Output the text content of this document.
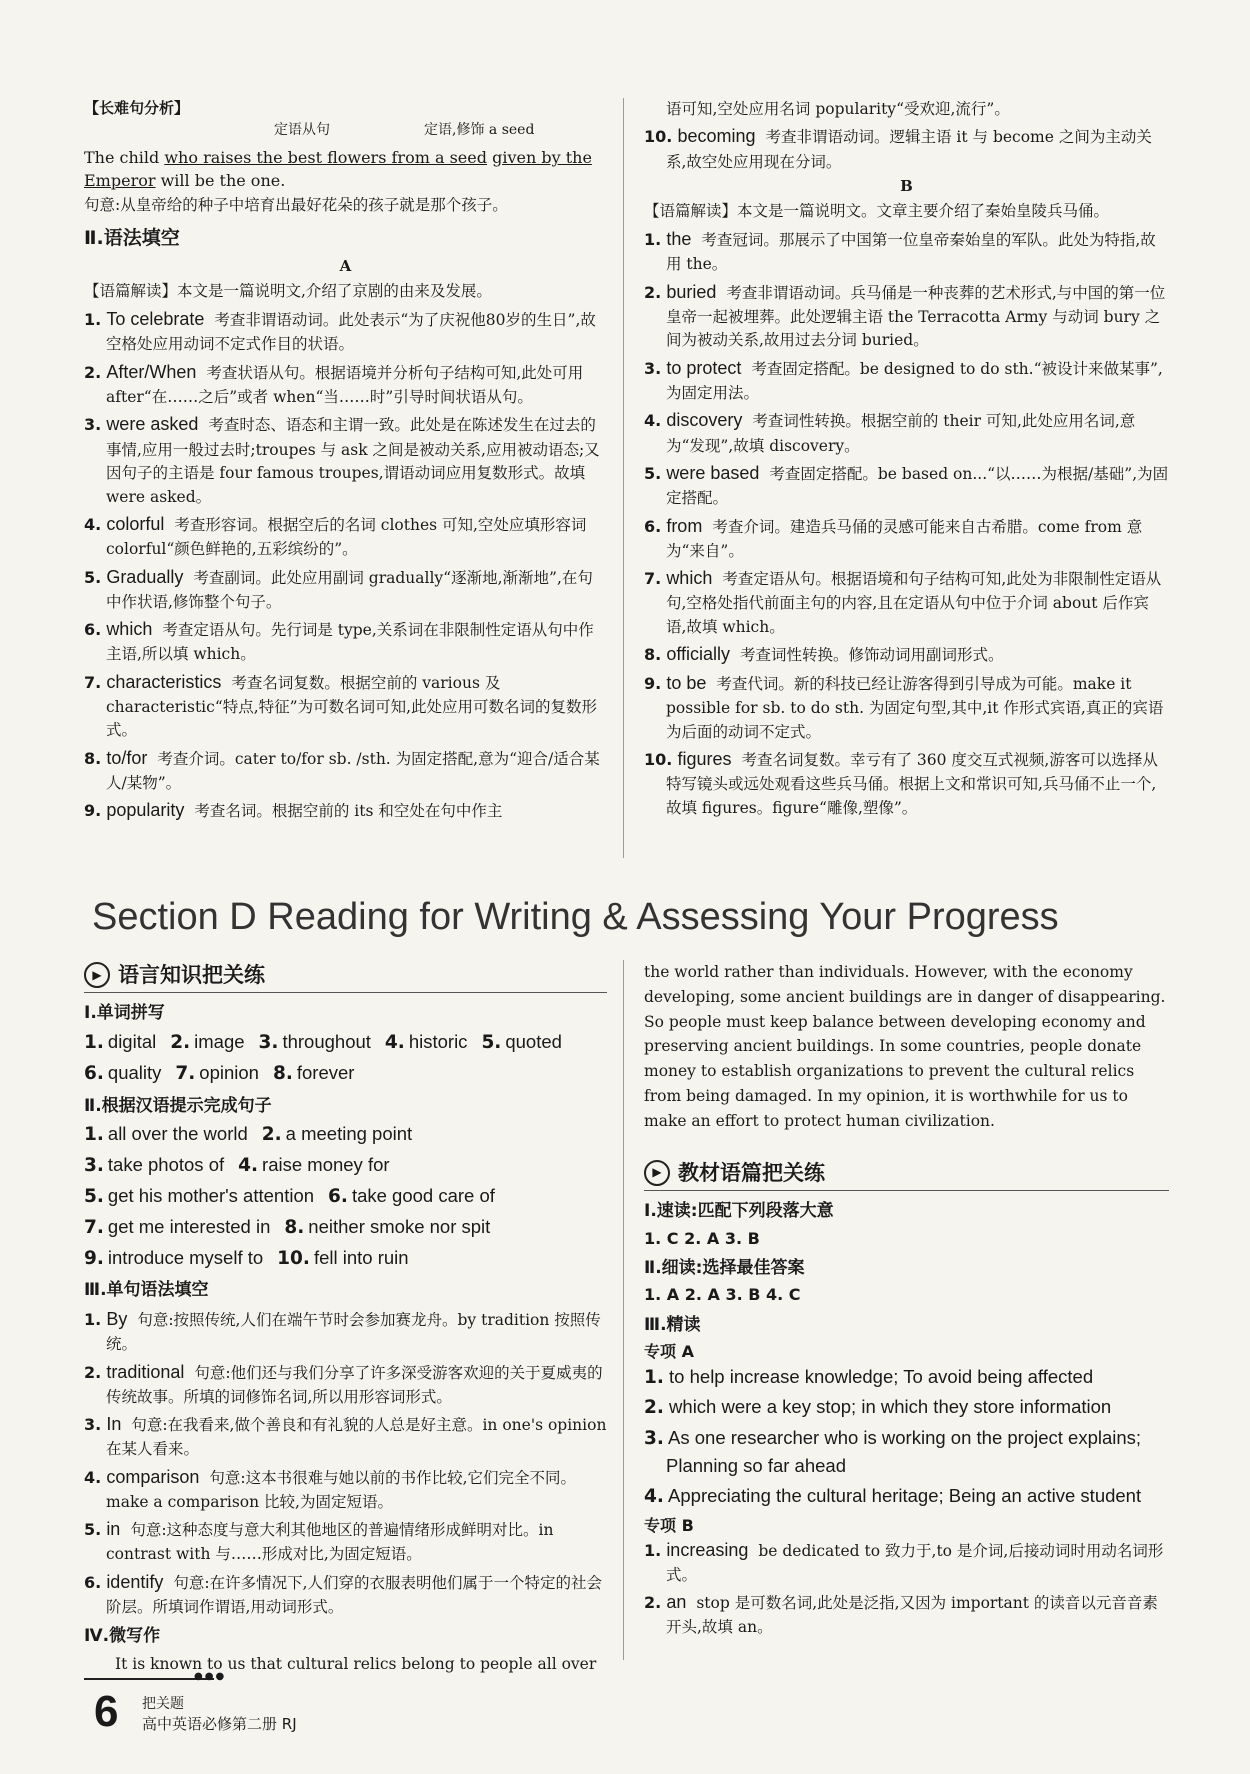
【长难句分析】
定语从句	定语,修饰 a seed
The child who raises the best flowers from a seed given by the Emperor will be the one.
句意:从皇帝给的种子中培育出最好花朵的孩子就是那个孩子。
Ⅱ.语法填空
A
【语篇解读】本文是一篇说明文,介绍了京剧的由来及发展。
1. To celebrate 考查非谓语动词。此处表示“为了庆祝他80岁的生日”,故空格处应用动词不定式作目的状语。
2. After/When 考查状语从句。根据语境并分析句子结构可知,此处可用 after“在……之后”或者 when“当……时”引导时间状语从句。
3. were asked 考查时态、语态和主谓一致。此处是在陈述发生在过去的事情,应用一般过去时;troupes 与 ask 之间是被动关系,应用被动语态;又因句子的主语是 four famous troupes,谓语动词应用复数形式。故填 were asked。
4. colorful 考查形容词。根据空后的名词 clothes 可知,空处应填形容词 colorful“颜色鲜艳的,五彩缤纷的”。
5. Gradually 考查副词。此处应用副词 gradually“逐渐地,渐渐地”,在句中作状语,修饰整个句子。
6. which 考查定语从句。先行词是 type,关系词在非限制性定语从句中作主语,所以填 which。
7. characteristics 考查名词复数。根据空前的 various 及 characteristic“特点,特征”为可数名词可知,此处应用可数名词的复数形式。
8. to/for 考查介词。cater to/for sb. /sth. 为固定搭配,意为“迎合/适合某人/某物”。
9. popularity 考查名词。根据空前的 its 和空处在句中作主
语可知,空处应用名词 popularity“受欢迎,流行”。
10. becoming 考查非谓语动词。逻辑主语 it 与 become 之间为主动关系,故空处应用现在分词。
B
【语篇解读】本文是一篇说明文。文章主要介绍了秦始皇陵兵马俑。
1. the 考查冠词。那展示了中国第一位皇帝秦始皇的军队。此处为特指,故用 the。
2. buried 考查非谓语动词。兵马俑是一种丧葬的艺术形式,与中国的第一位皇帝一起被埋葬。此处逻辑主语 the Terracotta Army 与动词 bury 之间为被动关系,故用过去分词 buried。
3. to protect 考查固定搭配。be designed to do sth.“被设计来做某事”,为固定用法。
4. discovery 考查词性转换。根据空前的 their 可知,此处应用名词,意为“发现”,故填 discovery。
5. were based 考查固定搭配。be based on...“以……为根据/基础”,为固定搭配。
6. from 考查介词。建造兵马俑的灵感可能来自古希腊。come from 意为“来自”。
7. which 考查定语从句。根据语境和句子结构可知,此处为非限制性定语从句,空格处指代前面主句的内容,且在定语从句中位于介词 about 后作宾语,故填 which。
8. officially 考查词性转换。修饰动词用副词形式。
9. to be 考查代词。新的科技已经让游客得到引导成为可能。make it possible for sb. to do sth. 为固定句型,其中,it 作形式宾语,真正的宾语为后面的动词不定式。
10. figures 考查名词复数。幸亏有了 360 度交互式视频,游客可以选择从特写镜头或远处观看这些兵马俑。根据上文和常识可知,兵马俑不止一个,故填 figures。figure“雕像,塑像”。
Section D Reading for Writing & Assessing Your Progress
▶ 语言知识把关练
Ⅰ.单词拼写
1. digital 2. image 3. throughout 4. historic 5. quoted
6. quality 7. opinion 8. forever
Ⅱ.根据汉语提示完成句子
1. all over the world 2. a meeting point
3. take photos of 4. raise money for
5. get his mother's attention 6. take good care of
7. get me interested in 8. neither smoke nor spit
9. introduce myself to 10. fell into ruin
Ⅲ.单句语法填空
1. By 句意:按照传统,人们在端午节时会参加赛龙舟。by tradition 按照传统。
2. traditional 句意:他们还与我们分享了许多深受游客欢迎的关于夏威夷的传统故事。所填的词修饰名词,所以用形容词形式。
3. In 句意:在我看来,做个善良和有礼貌的人总是好主意。in one's opinion 在某人看来。
4. comparison 句意:这本书很难与她以前的书作比较,它们完全不同。make a comparison 比较,为固定短语。
5. in 句意:这种态度与意大利其他地区的普遍情绪形成鲜明对比。in contrast with 与……形成对比,为固定短语。
6. identify 句意:在许多情况下,人们穿的衣服表明他们属于一个特定的社会阶层。所填词作谓语,用动词形式。
Ⅳ.微写作
It is known to us that cultural relics belong to people all over
the world rather than individuals. However, with the economy developing, some ancient buildings are in danger of disappearing. So people must keep balance between developing economy and preserving ancient buildings. In some countries, people donate money to establish organizations to prevent the cultural relics from being damaged. In my opinion, it is worthwhile for us to make an effort to protect human civilization.
▶ 教材语篇把关练
Ⅰ.速读:匹配下列段落大意
1. C 2. A 3. B
Ⅱ.细读:选择最佳答案
1. A 2. A 3. B 4. C
Ⅲ.精读
专项 A
1. to help increase knowledge; To avoid being affected
2. which were a key stop; in which they store information
3. As one researcher who is working on the project explains; Planning so far ahead
4. Appreciating the cultural heritage; Being an active student
专项 B
1. increasing be dedicated to 致力于,to 是介词,后接动词时用动名词形式。
2. an stop 是可数名词,此处是泛指,又因为 important 的读音以元音音素开头,故填 an。
●●●
6 把关题
高中英语必修第二册 RJ
